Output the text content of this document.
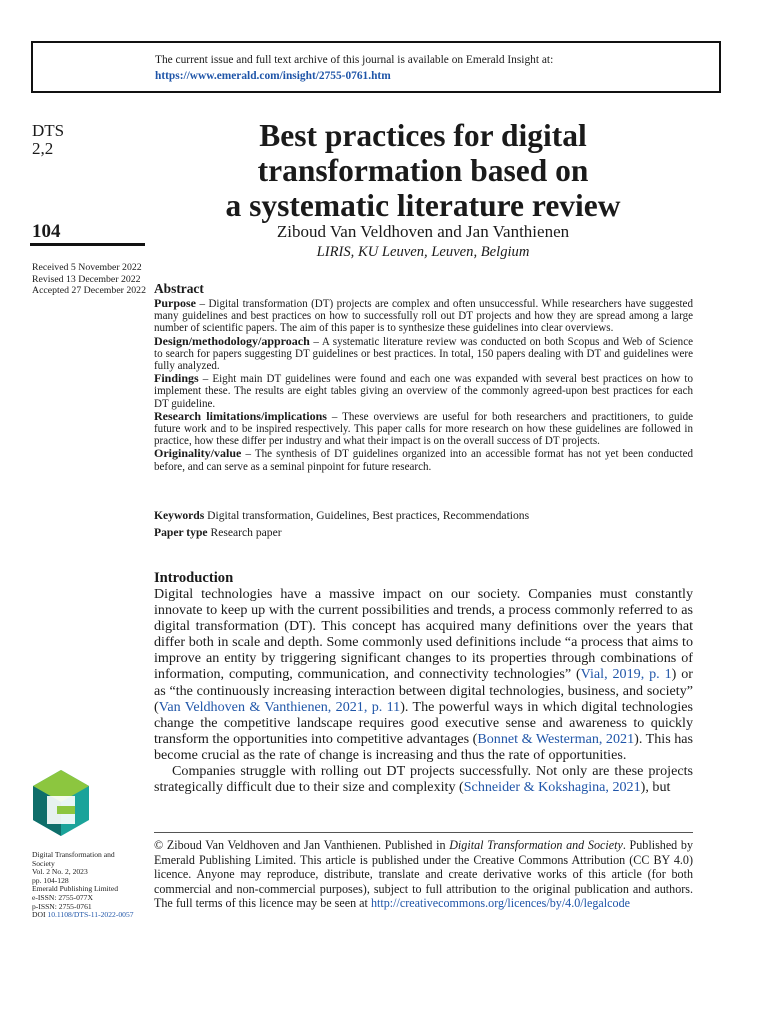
The current issue and full text archive of this journal is available on Emerald Insight at:
https://www.emerald.com/insight/2755-0761.htm
DTS
2,2
104
Received 5 November 2022
Revised 13 December 2022
Accepted 27 December 2022
Digital Transformation and
Society
Vol. 2 No. 2, 2023
pp. 104-128
Emerald Publishing Limited
e-ISSN: 2755-077X
p-ISSN: 2755-0761
DOI 10.1108/DTS-11-2022-0057
Best practices for digital
transformation based on
a systematic literature review
Ziboud Van Veldhoven and Jan Vanthienen
LIRIS, KU Leuven, Leuven, Belgium
Abstract

Purpose – Digital transformation (DT) projects are complex and often unsuccessful. While researchers have suggested many guidelines and best practices on how to successfully roll out DT projects and how they are spread among a large number of scientific papers. The aim of this paper is to synthesize these guidelines into clear overviews.

Design/methodology/approach – A systematic literature review was conducted on both Scopus and Web of Science to search for papers suggesting DT guidelines or best practices. In total, 150 papers dealing with DT and guidelines were fully analyzed.

Findings – Eight main DT guidelines were found and each one was expanded with several best practices on how to implement these. The results are eight tables giving an overview of the commonly agreed-upon best practices for each DT guideline.

Research limitations/implications – These overviews are useful for both researchers and practitioners, to guide future work and to be inspired respectively. This paper calls for more research on how these guidelines are followed in practice, how these differ per industry and what their impact is on the overall success of DT projects.

Originality/value – The synthesis of DT guidelines organized into an accessible format has not yet been conducted before, and can serve as a seminal pinpoint for future research.

Keywords Digital transformation, Guidelines, Best practices, Recommendations
Paper type Research paper
Introduction

Digital technologies have a massive impact on our society. Companies must constantly innovate to keep up with the current possibilities and trends, a process commonly referred to as digital transformation (DT). This concept has acquired many definitions over the years that differ both in scale and depth. Some commonly used definitions include “a process that aims to improve an entity by triggering significant changes to its properties through combinations of information, computing, communication, and connectivity technologies” (Vial, 2019, p. 1) or as “the continuously increasing interaction between digital technologies, business, and society” (Van Veldhoven & Vanthienen, 2021, p. 11). The powerful ways in which digital technologies change the competitive landscape requires good executive sense and awareness to quickly transform the opportunities into competitive advantages (Bonnet & Westerman, 2021). This has become crucial as the rate of change is increasing and thus the rate of opportunities.

Companies struggle with rolling out DT projects successfully. Not only are these projects strategically difficult due to their size and complexity (Schneider & Kokshagina, 2021), but

© Ziboud Van Veldhoven and Jan Vanthienen. Published in Digital Transformation and Society. Published by Emerald Publishing Limited. This article is published under the Creative Commons Attribution (CC BY 4.0) licence. Anyone may reproduce, distribute, translate and create derivative works of this article (for both commercial and non-commercial purposes), subject to full attribution to the original publication and authors. The full terms of this licence may be seen at http://creativecommons.org/licences/by/4.0/legalcode
